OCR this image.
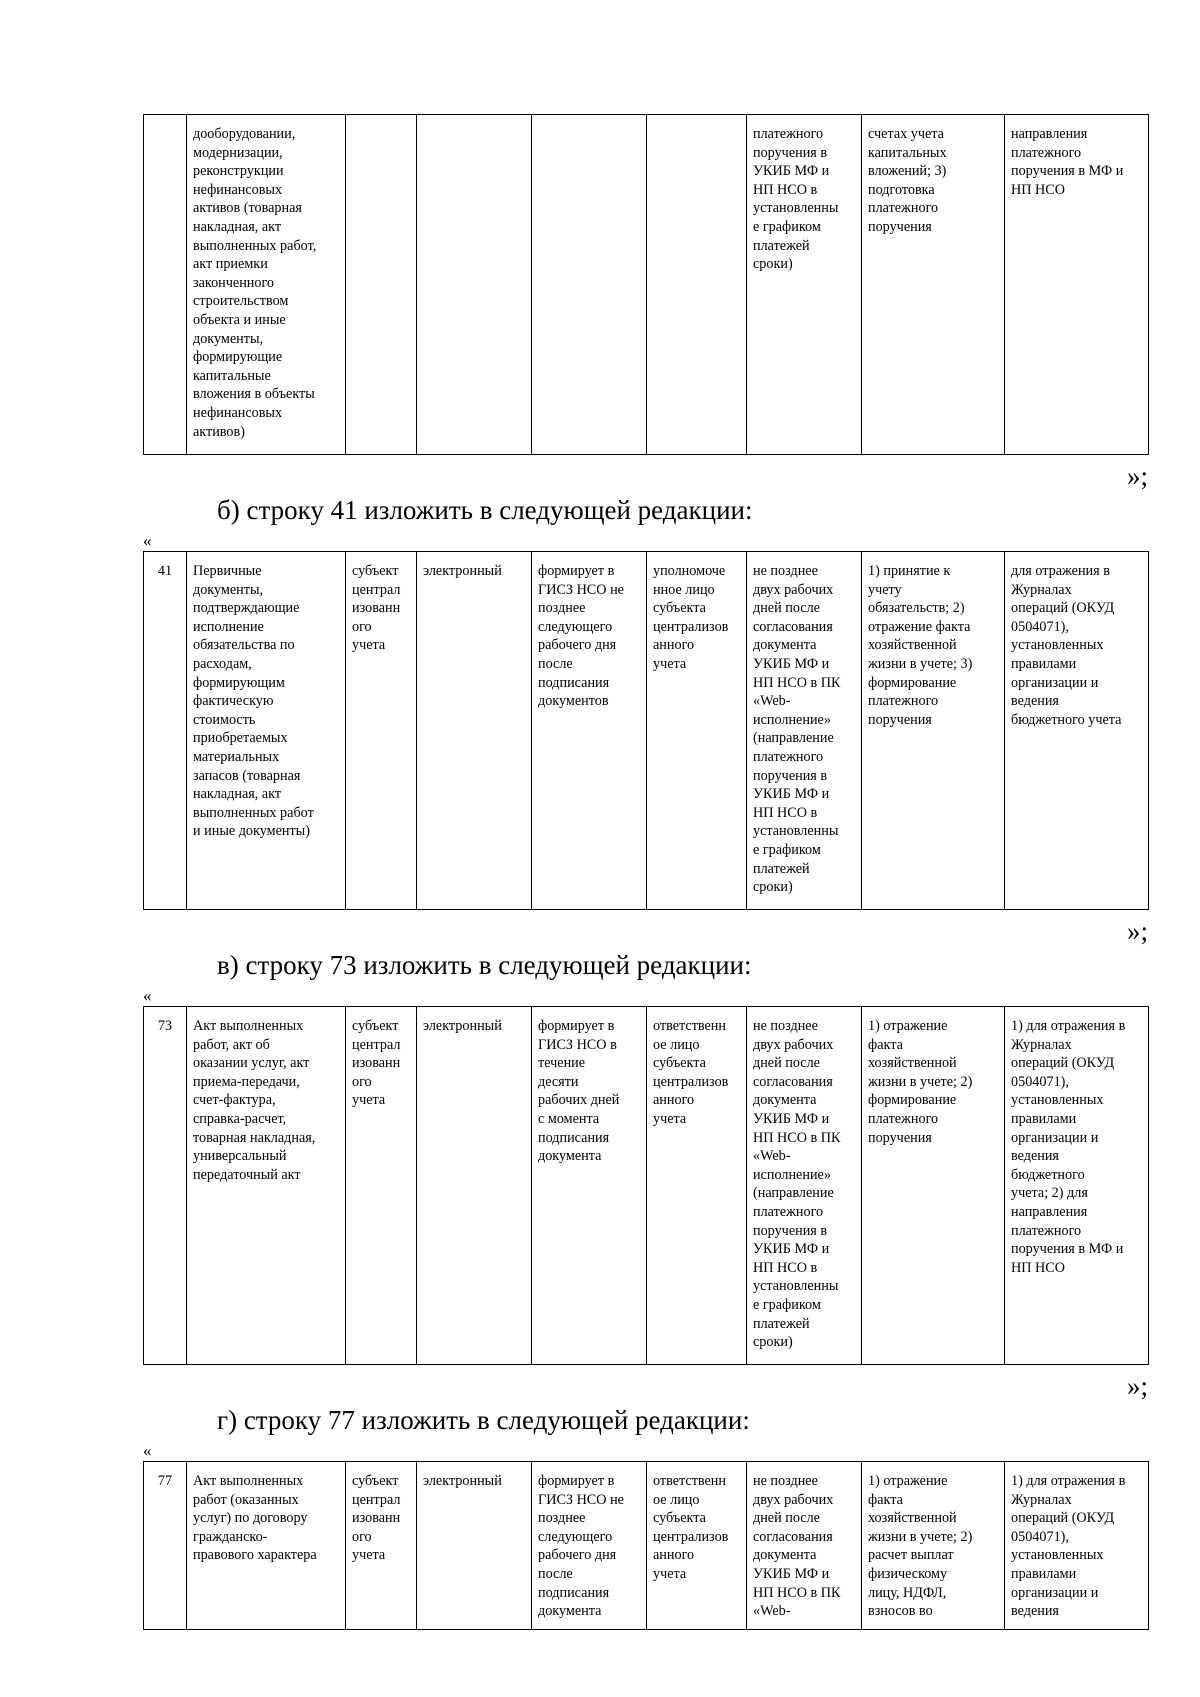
	дооборудовании,
модернизации,
реконструкции
нефинансовых
активов (товарная
накладная, акт
выполненных работ,
акт приемки
законченного
строительством
объекта и иные
документы,
формирующие
капитальные
вложения в объекты
нефинансовых
активов)					платежного
поручения в
УКИБ МФ и
НП НСО в
установленны
е графиком
платежей
сроки)	счетах учета
капитальных
вложений; 3)
подготовка
платежного
поручения	направления
платежного
поручения в МФ и
НП НСО
»;
б) строку 41 изложить в следующей редакции:
«
41	Первичные
документы,
подтверждающие
исполнение
обязательства по
расходам,
формирующим
фактическую
стоимость
приобретаемых
материальных
запасов (товарная
накладная, акт
выполненных работ
и иные документы)	субъект
централ
изованн
ого
учета	электронный	формирует в
ГИСЗ НСО не
позднее
следующего
рабочего дня
после
подписания
документов	уполномоче
нное лицо
субъекта
централизов
анного
учета	не позднее
двух рабочих
дней после
согласования
документа
УКИБ МФ и
НП НСО в ПК
«Web-
исполнение»
(направление
платежного
поручения в
УКИБ МФ и
НП НСО в
установленны
е графиком
платежей
сроки)	1) принятие к
учету
обязательств; 2)
отражение факта
хозяйственной
жизни в учете; 3)
формирование
платежного
поручения	для отражения в
Журналах
операций (ОКУД
0504071),
установленных
правилами
организации и
ведения
бюджетного учета
»;
в) строку 73 изложить в следующей редакции:
«
73	Акт выполненных
работ, акт об
оказании услуг, акт
приема-передачи,
счет-фактура,
справка-расчет,
товарная накладная,
универсальный
передаточный акт	субъект
централ
изованн
ого
учета	электронный	формирует в
ГИСЗ НСО в
течение
десяти
рабочих дней
с момента
подписания
документа	ответственн
ое лицо
субъекта
централизов
анного
учета	не позднее
двух рабочих
дней после
согласования
документа
УКИБ МФ и
НП НСО в ПК
«Web-
исполнение»
(направление
платежного
поручения в
УКИБ МФ и
НП НСО в
установленны
е графиком
платежей
сроки)	1) отражение
факта
хозяйственной
жизни в учете; 2)
формирование
платежного
поручения	1) для отражения в
Журналах
операций (ОКУД
0504071),
установленных
правилами
организации и
ведения
бюджетного
учета; 2) для
направления
платежного
поручения в МФ и
НП НСО
»;
г) строку 77 изложить в следующей редакции:
«
77	Акт выполненных
работ (оказанных
услуг) по договору
гражданско-
правового характера	субъект
централ
изованн
ого
учета	электронный	формирует в
ГИСЗ НСО не
позднее
следующего
рабочего дня
после
подписания
документа	ответственн
ое лицо
субъекта
централизов
анного
учета	не позднее
двух рабочих
дней после
согласования
документа
УКИБ МФ и
НП НСО в ПК
«Web-	1) отражение
факта
хозяйственной
жизни в учете; 2)
расчет выплат
физическому
лицу, НДФЛ,
взносов во	1) для отражения в
Журналах
операций (ОКУД
0504071),
установленных
правилами
организации и
ведения
